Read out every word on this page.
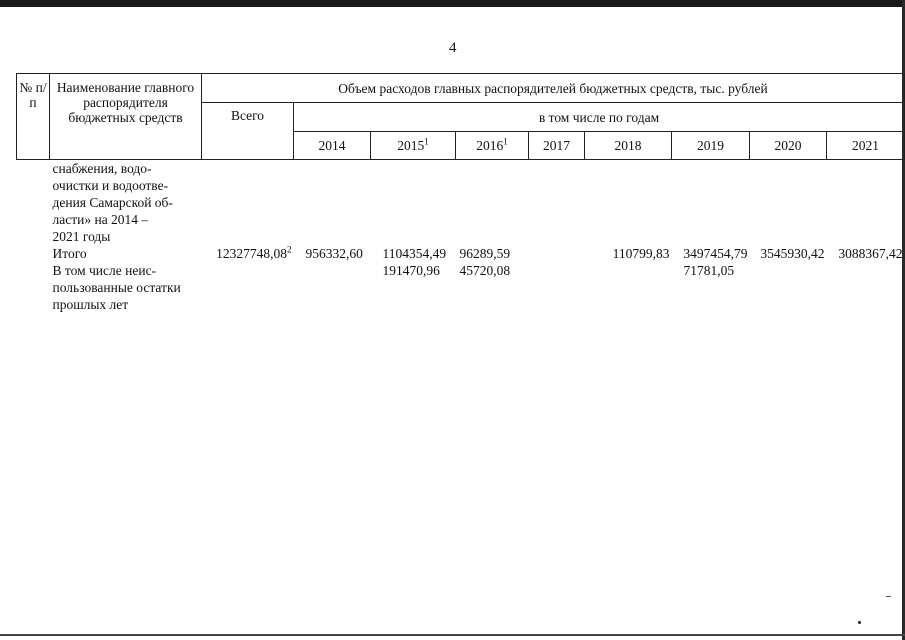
4
№ п/п	Наименование главного распорядителя бюджетных средств	Объем расходов главных распорядителей бюджетных средств, тыс. рублей								
		Всего	в том числе по годам							
			2014	2015$^1$	2016$^1$	2017	2018	2019	2020	2021
	снабжения, водо-
очистки и водоотве-
дения Самарской об-
ласти» на 2014 –
2021 годы									
	Итого	12327748,08$^2$	956332,60	1104354,49	96289,59		110799,83	3497454,79	3545930,42	3088367,42
	В том числе неис-
пользованные остатки
прошлых лет			191470,96	45720,08			71781,05		
